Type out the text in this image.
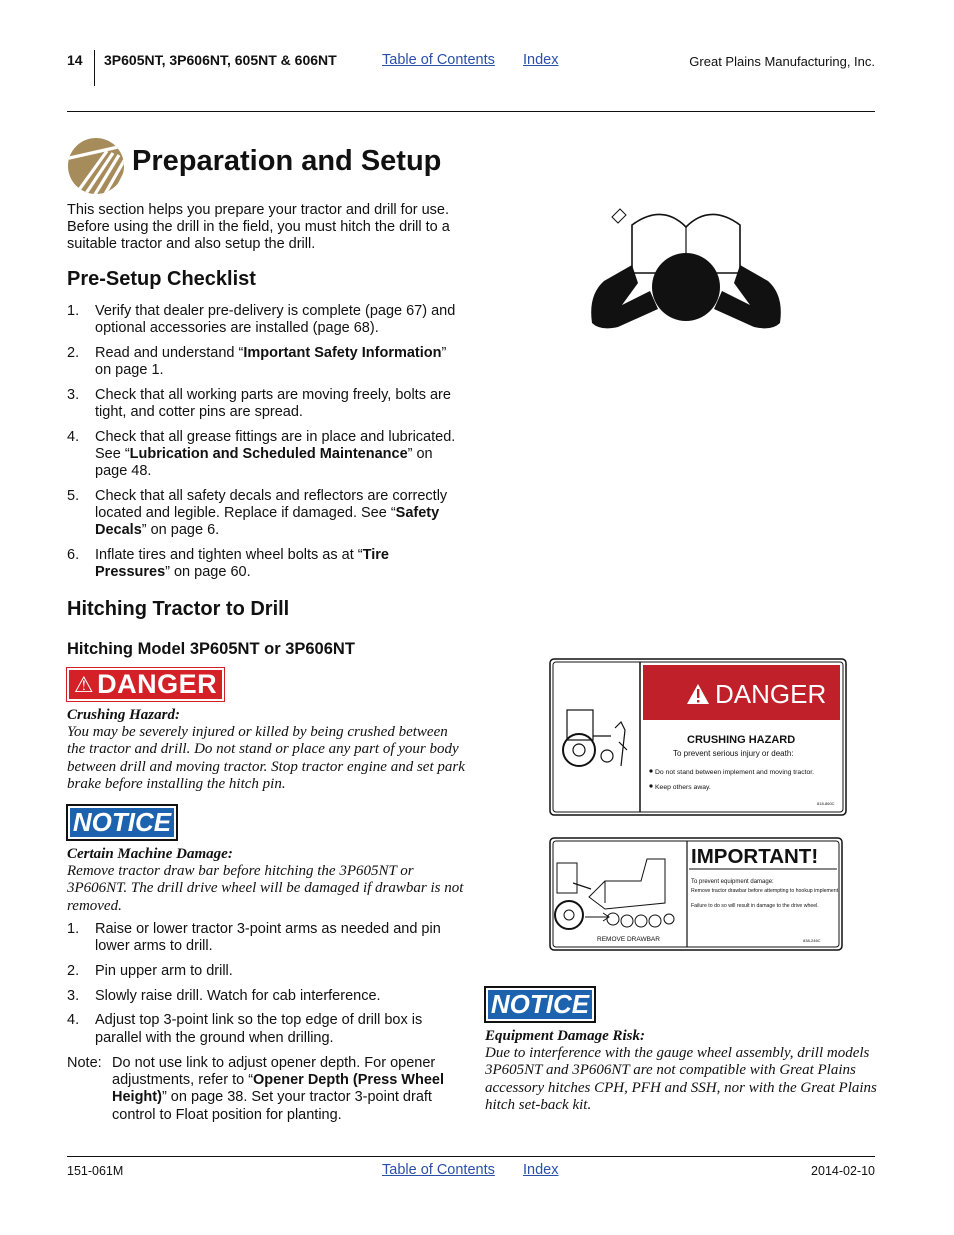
14 3P605NT, 3P606NT, 605NT & 606NT	Table of Contents Index	Great Plains Manufacturing, Inc.
Preparation and Setup

This section helps you prepare your tractor and drill for use. Before using the drill in the field, you must hitch the drill to a suitable tractor and also setup the drill.

Pre-Setup Checklist
1. Verify that dealer pre-delivery is complete (page 67) and optional accessories are installed (page 68).
2. Read and understand “Important Safety Information” on page 1.
3. Check that all working parts are moving freely, bolts are tight, and cotter pins are spread.
4. Check that all grease fittings are in place and lubricated. See “Lubrication and Scheduled Maintenance” on page 48.
5. Check that all safety decals and reflectors are correctly located and legible. Replace if damaged. See “Safety Decals” on page 6.
6. Inflate tires and tighten wheel bolts as at “Tire Pressures” on page 60.
Hitching Tractor to Drill
Hitching Model 3P605NT or 3P606NT
⚠ DANGER
Crushing Hazard:
You may be severely injured or killed by being crushed between the tractor and drill. Do not stand or place any part of your body between drill and moving tractor. Stop tractor engine and set park brake before installing the hitch pin.
NOTICE
Certain Machine Damage:
Remove tractor draw bar before hitching the 3P605NT or 3P606NT. The drill drive wheel will be damaged if drawbar is not removed.
1. Raise or lower tractor 3-point arms as needed and pin lower arms to drill.
2. Pin upper arm to drill.
3. Slowly raise drill. Watch for cab interference.
4. Adjust top 3-point link so the top edge of drill box is parallel with the ground when drilling.
Note: Do not use link to adjust opener depth. For opener adjustments, refer to “Opener Depth (Press Wheel Height)” on page 38. Set your tractor 3-point draft control to Float position for planting.
DANGER
CRUSHING HAZARD
To prevent serious injury or death:
Do not stand between implement and moving tractor.
Keep others away.
818-860C
REMOVE DRAWBAR
IMPORTANT!
To prevent equipment damage:
Remove tractor drawbar before attempting to hookup implement.
Failure to do so will result in damage to the drive wheel.
838-246C
NOTICE
Equipment Damage Risk:
Due to interference with the gauge wheel assembly, drill models 3P605NT and 3P606NT are not compatible with Great Plains accessory hitches CPH, PFH and SSH, nor with the Great Plains hitch set-back kit.
151-061M	Table of Contents Index	2014-02-10
